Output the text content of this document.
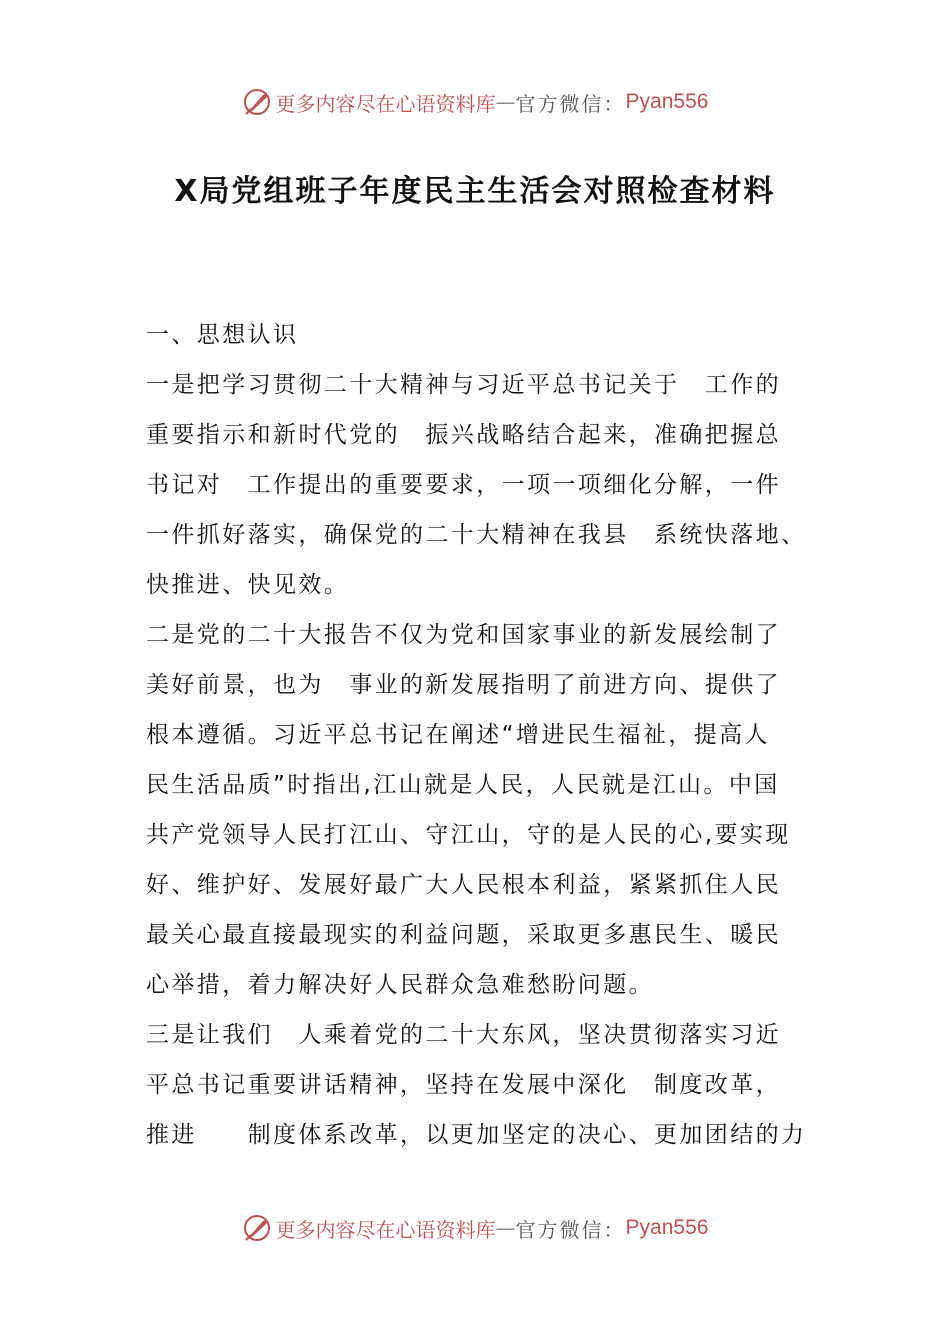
更多内容尽在心语资料库 — 官方微信： Pyan556
X局党组班子年度民主生活会对照检查材料
一、思想认识
一是把学习贯彻二十大精神与习近平总书记关于　工作的
重要指示和新时代党的　振兴战略结合起来，准确把握总
书记对　工作提出的重要要求，一项一项细化分解，一件
一件抓好落实，确保党的二十大精神在我县　系统快落地、
快推进、快见效。
二是党的二十大报告不仅为党和国家事业的新发展绘制了
美好前景，也为　事业的新发展指明了前进方向、提供了
根本遵循。习近平总书记在阐述“增进民生福祉，提高人
民生活品质”时指出,江山就是人民，人民就是江山。中国
共产党领导人民打江山、守江山，守的是人民的心,要实现
好、维护好、发展好最广大人民根本利益，紧紧抓住人民
最关心最直接最现实的利益问题，采取更多惠民生、暖民
心举措，着力解决好人民群众急难愁盼问题。
三是让我们　人乘着党的二十大东风，坚决贯彻落实习近
平总书记重要讲话精神，坚持在发展中深化　制度改革，
推进　　制度体系改革，以更加坚定的决心、更加团结的力
更多内容尽在心语资料库 — 官方微信： Pyan556
